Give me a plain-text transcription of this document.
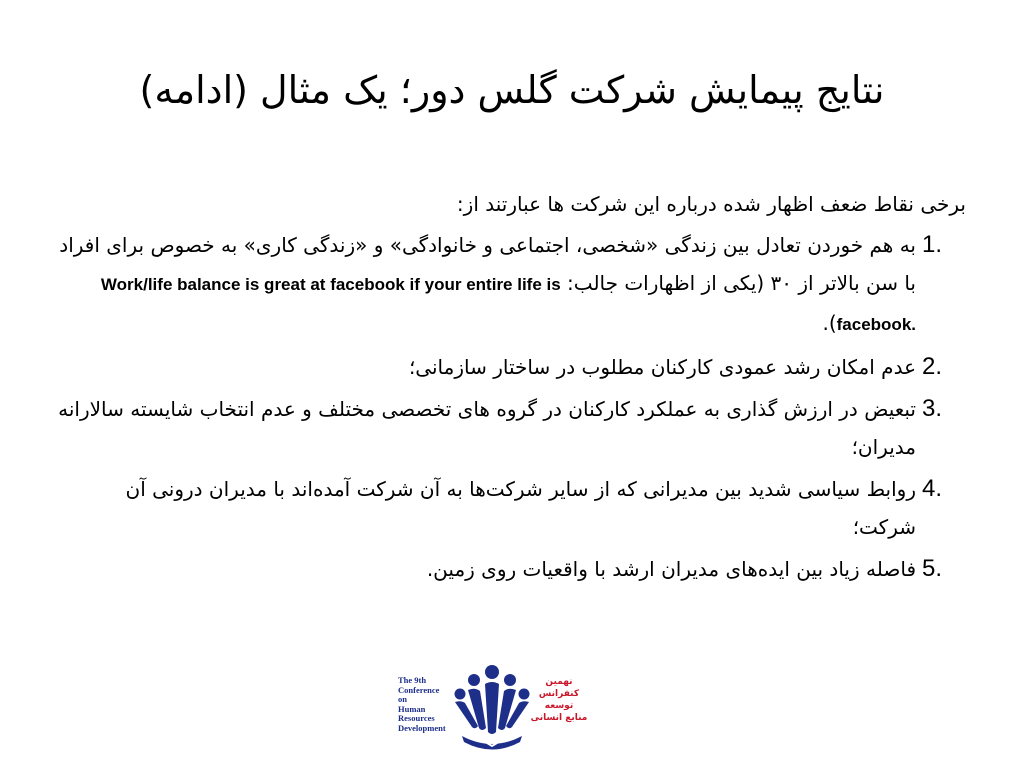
نتایج پیمایش شرکت گلس دور؛ یک مثال (ادامه)
برخی نقاط ضعف اظهار شده درباره این شرکت ها عبارتند از:
1.
به هم خوردن تعادل بین زندگی «شخصی، اجتماعی و خانوادگی» و «زندگی کاری» به خصوص برای افراد با سن بالاتر از ۳۰ (یکی از اظهارات جالب: Work/life balance is great at facebook if your entire life is facebook.).
2.
عدم امکان رشد عمودی کارکنان مطلوب در ساختار سازمانی؛
3.
تبعیض در ارزش گذاری به عملکرد کارکنان در گروه های تخصصی مختلف و عدم انتخاب شایسته سالارانه مدیران؛
4.
روابط سیاسی شدید بین مدیرانی که از سایر شرکت‌ها به آن شرکت آمده‌اند با مدیران درونی آن شرکت؛
5.
فاصله زیاد بین ایده‌های مدیران ارشد با واقعیات روی زمین.
The 9th
Conference
on
Human
Resources
Development
نهمین
کنفرانس
توسعه
منابع انسانی
